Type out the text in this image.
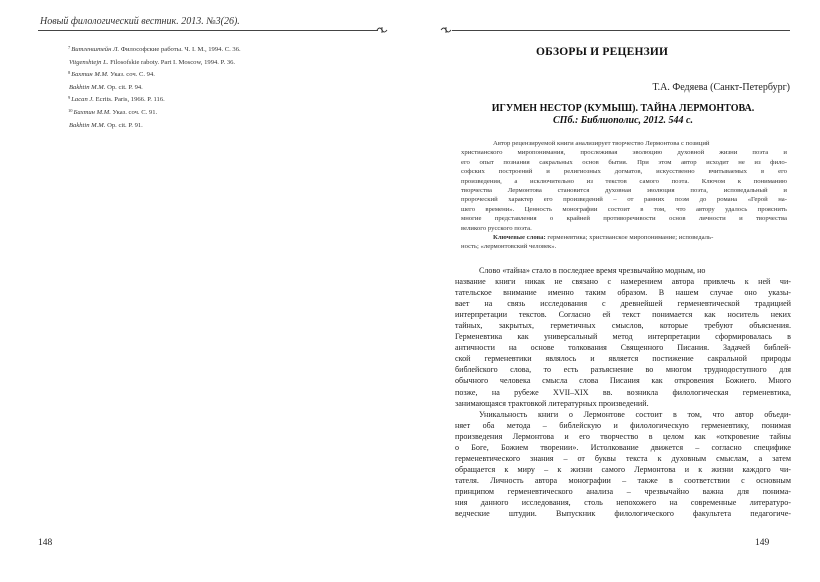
Новый филологический вестник. 2013. №3(26).
$^7$Витгенштейн Л. Философские работы. Ч. I. М., 1994. С. 36.
Vitgenshtejn L. Filosofskie raboty. Part I. Moscow, 1994. P. 36.
$^8$Бахтин М.М. Указ. соч. С. 94.
Bakhtin M.M. Op. cit. P. 94.
$^9$Lacan J. Ecrits. Paris, 1966. P. 116.
$^{10}$Бахтин М.М. Указ. соч. С. 91.
Bakhtin M.M. Op. cit. P. 91.
148
ОБЗОРЫ И РЕЦЕНЗИИ
Т.А. Федяева (Санкт-Петербург)
ИГУМЕН НЕСТОР (КУМЫШ). ТАЙНА ЛЕРМОНТОВА.
СПб.: Библиополис, 2012. 544 с.
Автор рецензируемой книги анализирует творчество Лермонтова с позиций
христианского миропонимания, прослеживая эволюцию духовной жизни поэта и
его опыт познания сакральных основ бытия. При этом автор исходит не из фило-
софских построений и религиозных догматов, искусственно вчитываемых в его
произведения, а исключительно из текстов самого поэта. Ключом к пониманию
творчества Лермонтова становится духовная эволюция поэта, исповедальный и
пророческий характер его произведений – от ранних поэм до романа «Герой на-
шего времени». Ценность монографии состоит в том, что автору удалось прояснить
многие представления о крайней противоречивости основ личности и творчества
великого русского поэта.
Ключевые слова: герменевтика; христианское миропонимание; исповедаль-
ность; «лермонтовский человек».
Слово «тайна» стало в последнее время чрезвычайно модным, но
название книги никак не связано с намерением автора привлечь к ней чи-
тательское внимание именно таким образом. В нашем случае оно указы-
вает на связь исследования с древнейшей герменевтической традицией
интерпретации текстов. Согласно ей текст понимается как носитель неких
тайных, закрытых, герметичных смыслов, которые требуют объяснения.
Герменевтика как универсальный метод интерпретации сформировалась в
античности на основе толкования Священного Писания. Задачей библей-
ской герменевтики являлось и является постижение сакральной природы
библейского слова, то есть разъяснение во многом труднодоступного для
обычного человека смысла слова Писания как откровения Божиего. Много
позже, на рубеже XVII–XIX вв. возникла филологическая герменевтика,
занимающаяся трактовкой литературных произведений.
Уникальность книги о Лермонтове состоит в том, что автор объеди-
няет оба метода – библейскую и филологическую герменевтику, понимая
произведения Лермонтова и его творчество в целом как «откровение тайны
о Боге, Божием творении». Истолкование движется – согласно специфике
герменевтического знания – от буквы текста к духовным смыслам, а затем
обращается к миру – к жизни самого Лермонтова и к жизни каждого чи-
тателя. Личность автора монографии – также в соответствии с основным
принципом герменевтического анализа – чрезвычайно важна для понима-
ния данного исследования, столь непохожего на современные литературо-
ведческие штудии. Выпускник филологического факультета педагогиче-
149
